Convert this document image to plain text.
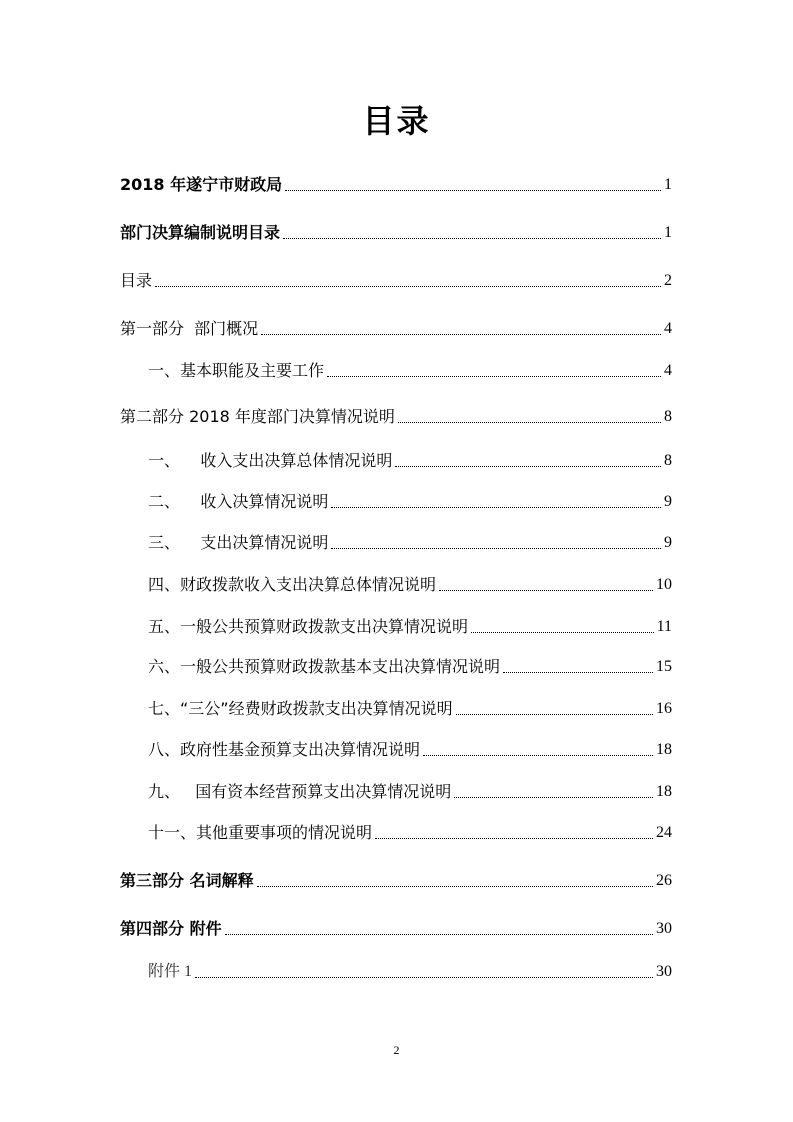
目录
2018 年遂宁市财政局	1
部门决算编制说明目录	1
目录	2
第一部分  部门概况	4
一、基本职能及主要工作	4
第二部分 2018 年度部门决算情况说明	8
一、    收入支出决算总体情况说明	8
二、    收入决算情况说明	9
三、    支出决算情况说明	9
四、财政拨款收入支出决算总体情况说明	10
五、一般公共预算财政拨款支出决算情况说明	11
六、一般公共预算财政拨款基本支出决算情况说明	15
七、“三公”经费财政拨款支出决算情况说明	16
八、政府性基金预算支出决算情况说明	18
九、   国有资本经营预算支出决算情况说明	18
十一、其他重要事项的情况说明	24
第三部分 名词解释	26
第四部分 附件	30
附件 1	30
2
